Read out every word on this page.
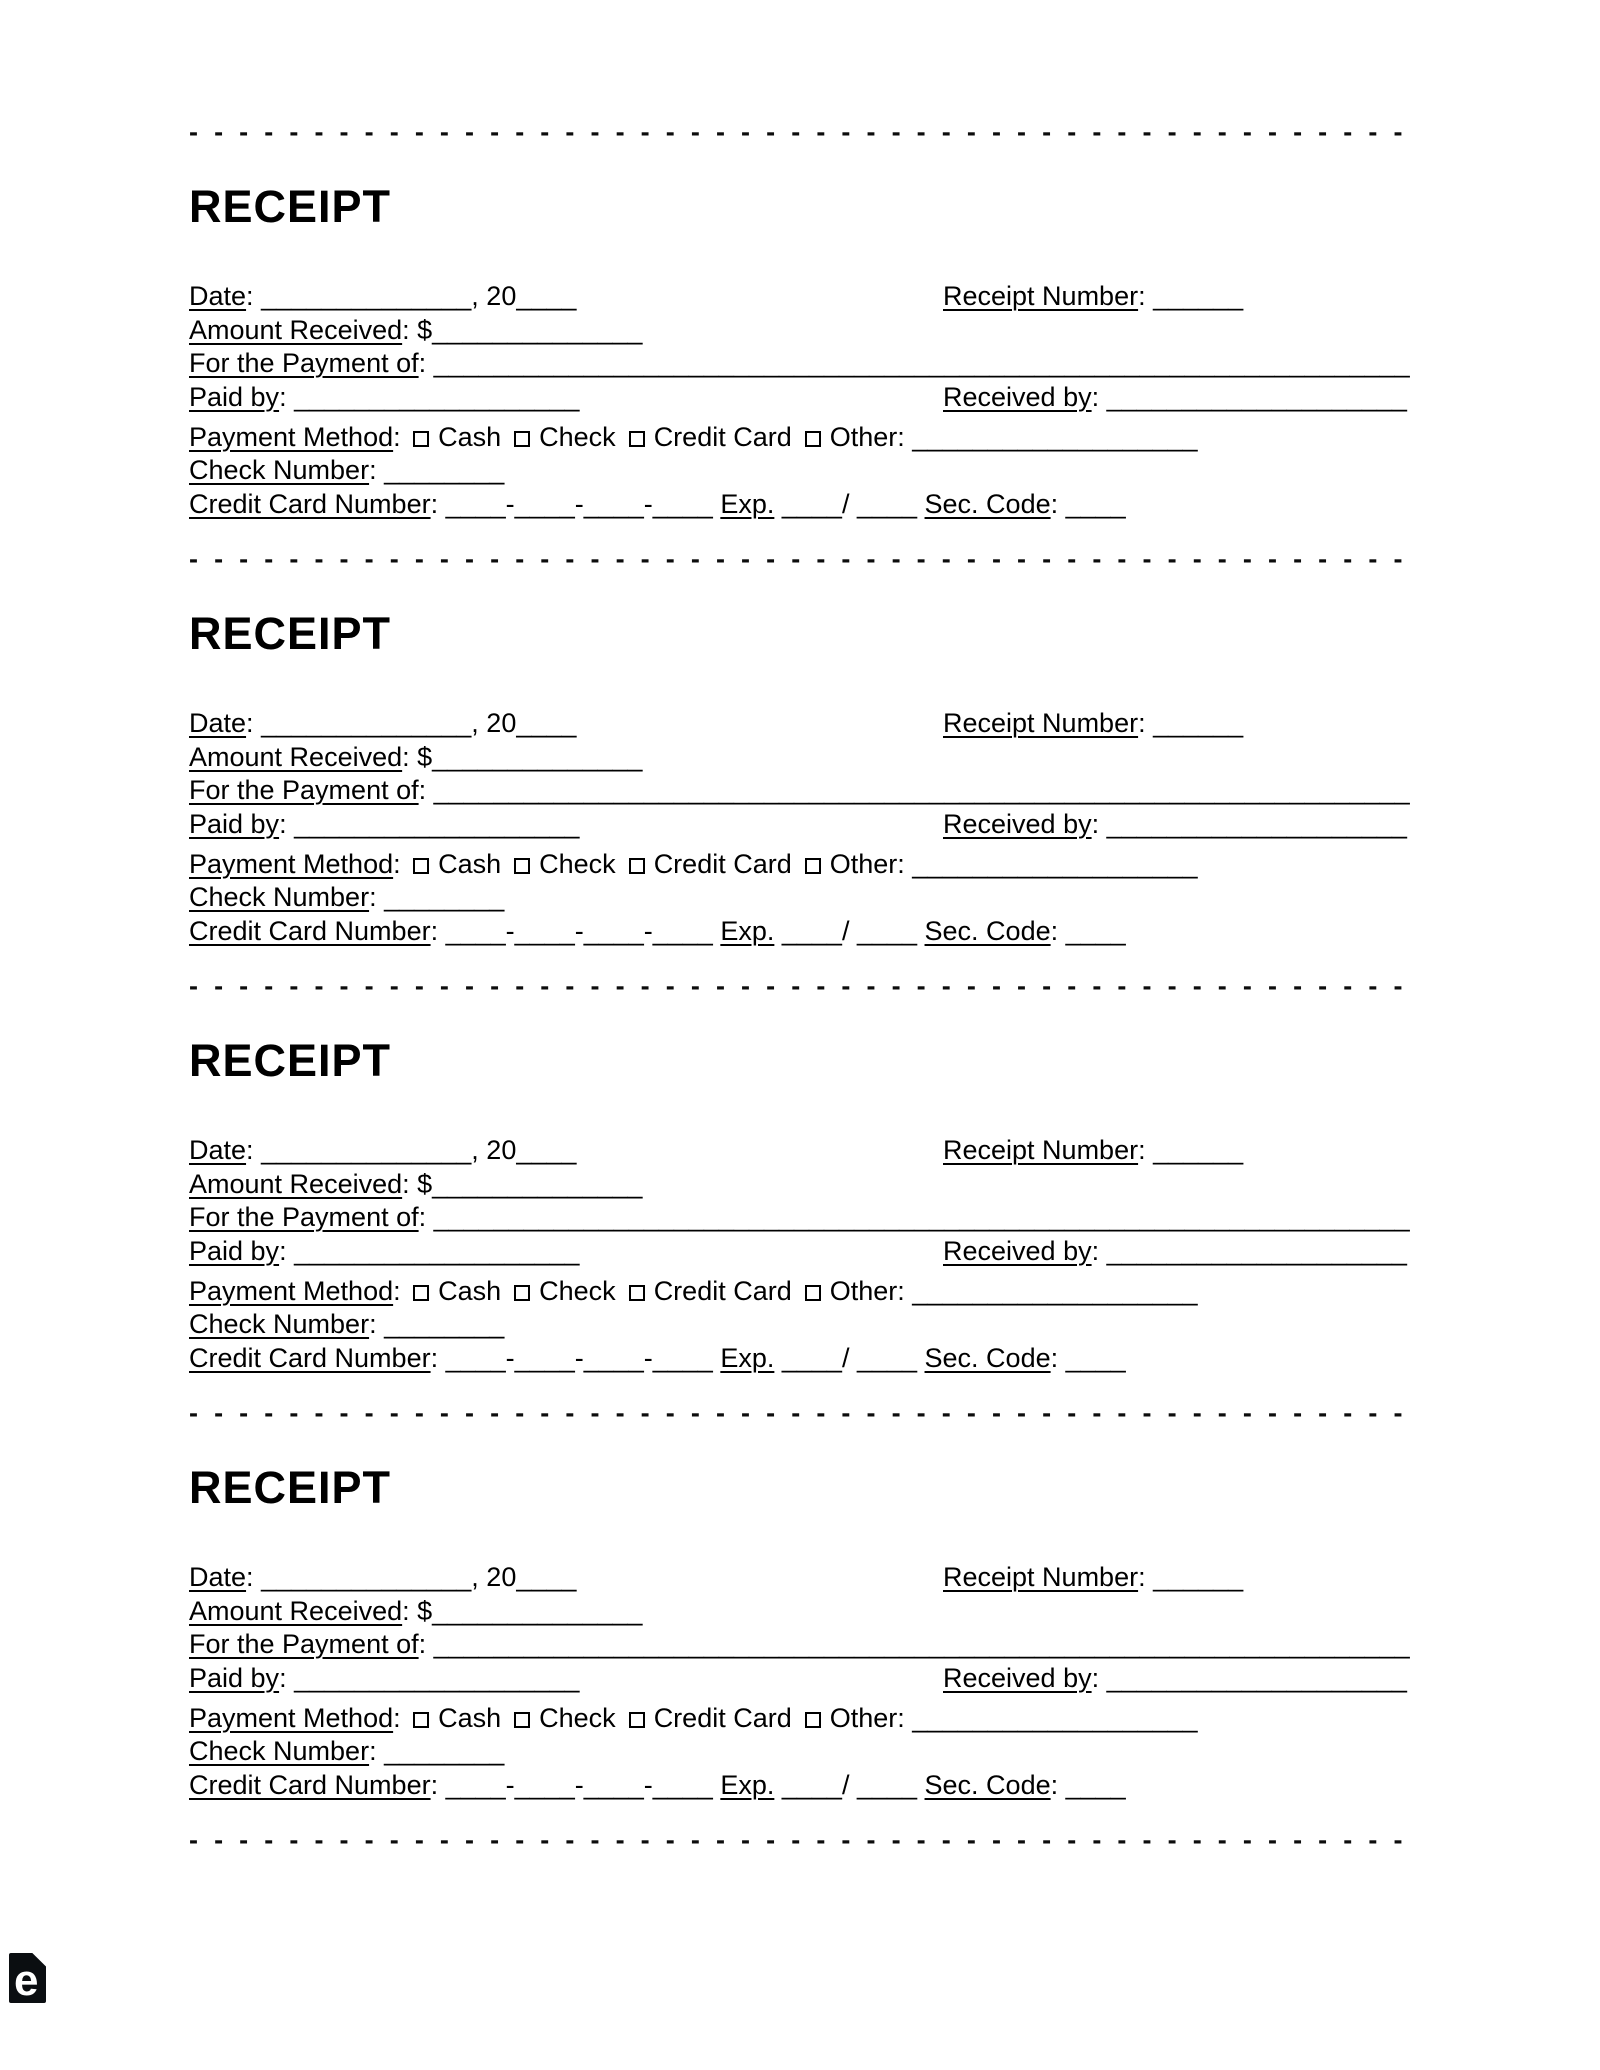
- - - - - - - - - - - - - - - - - - - - - - - - - - - - - - - - - - - - - - - - - - - - - - - - -
RECEIPT
Date: ______________, 20____	Receipt Number: ______
Amount Received: $______________
For the Payment of: _________________________________________________________________
Paid by: ___________________	Received by: ____________________
Payment Method: Cash Check Credit Card Other: ___________________
Check Number: ________
Credit Card Number: ____-____-____-____ Exp. ____/ ____ Sec. Code: ____
- - - - - - - - - - - - - - - - - - - - - - - - - - - - - - - - - - - - - - - - - - - - - - - - -
RECEIPT
Date: ______________, 20____	Receipt Number: ______
Amount Received: $______________
For the Payment of: _________________________________________________________________
Paid by: ___________________	Received by: ____________________
Payment Method: Cash Check Credit Card Other: ___________________
Check Number: ________
Credit Card Number: ____-____-____-____ Exp. ____/ ____ Sec. Code: ____
- - - - - - - - - - - - - - - - - - - - - - - - - - - - - - - - - - - - - - - - - - - - - - - - -
RECEIPT
Date: ______________, 20____	Receipt Number: ______
Amount Received: $______________
For the Payment of: _________________________________________________________________
Paid by: ___________________	Received by: ____________________
Payment Method: Cash Check Credit Card Other: ___________________
Check Number: ________
Credit Card Number: ____-____-____-____ Exp. ____/ ____ Sec. Code: ____
- - - - - - - - - - - - - - - - - - - - - - - - - - - - - - - - - - - - - - - - - - - - - - - - -
RECEIPT
Date: ______________, 20____	Receipt Number: ______
Amount Received: $______________
For the Payment of: _________________________________________________________________
Paid by: ___________________	Received by: ____________________
Payment Method: Cash Check Credit Card Other: ___________________
Check Number: ________
Credit Card Number: ____-____-____-____ Exp. ____/ ____ Sec. Code: ____
- - - - - - - - - - - - - - - - - - - - - - - - - - - - - - - - - - - - - - - - - - - - - - - - -
e
